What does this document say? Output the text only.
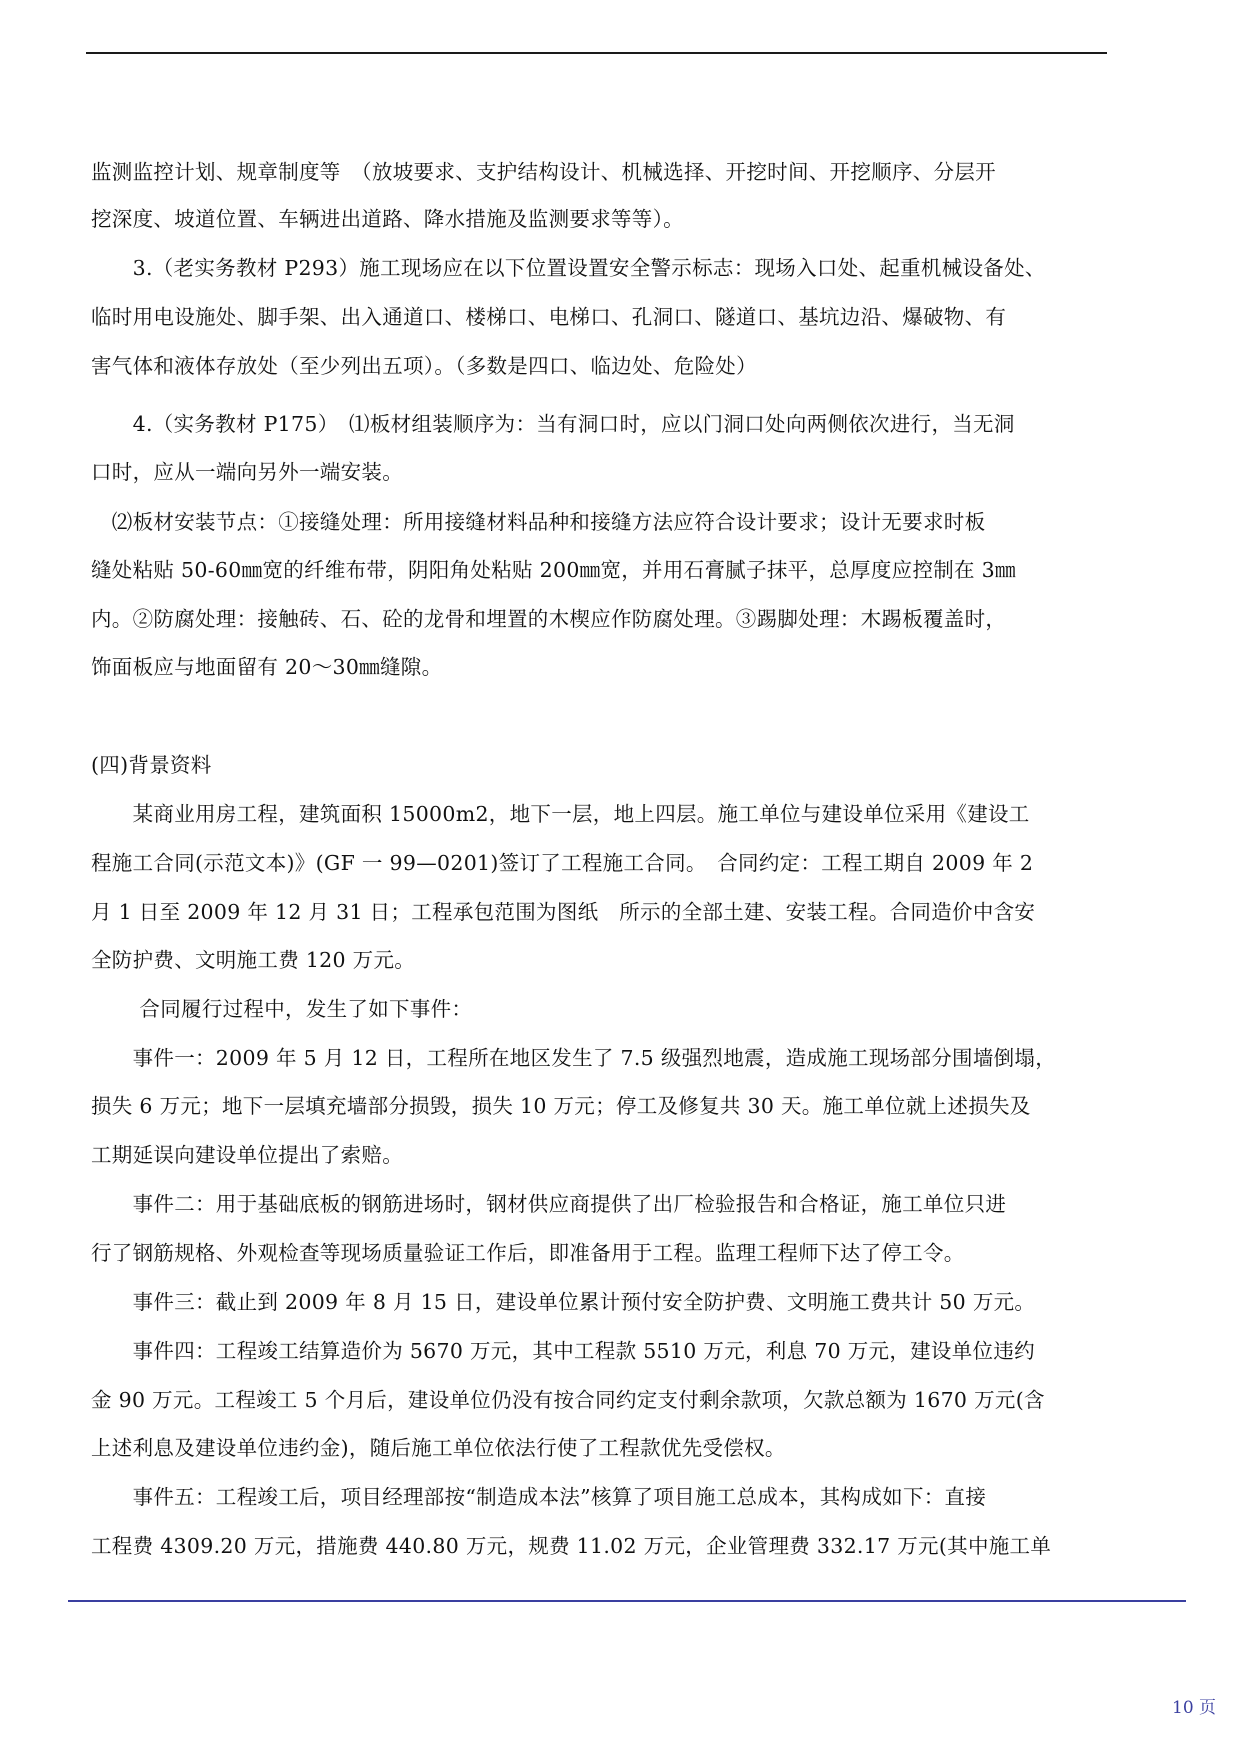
监测监控计划、规章制度等　（放坡要求、支护结构设计、机械选择、开挖时间、开挖顺序、分层开
挖深度、坡道位置、车辆进出道路、降水措施及监测要求等等）。
　　3.（老实务教材 P293）施工现场应在以下位置设置安全警示标志：现场入口处、起重机械设备处、
临时用电设施处、脚手架、出入通道口、楼梯口、电梯口、孔洞口、隧道口、基坑边沿、爆破物、有
害气体和液体存放处（至少列出五项）。（多数是四口、临边处、危险处）
　　4.（实务教材 P175）　⑴板材组装顺序为：当有洞口时，应以门洞口处向两侧依次进行，当无洞
口时，应从一端向另外一端安装。
　⑵板材安装节点：①接缝处理：所用接缝材料品种和接缝方法应符合设计要求；设计无要求时板
缝处粘贴 50-60㎜宽的纤维布带，阴阳角处粘贴 200㎜宽，并用石膏腻子抹平，总厚度应控制在 3㎜
内。②防腐处理：接触砖、石、砼的龙骨和埋置的木楔应作防腐处理。③踢脚处理：木踢板覆盖时，
饰面板应与地面留有 20～30㎜缝隙。
(四)背景资料
　　某商业用房工程，建筑面积 15000m2，地下一层，地上四层。施工单位与建设单位采用《建设工
程施工合同(示范文本)》(GF 一 99—0201)签订了工程施工合同。　合同约定：工程工期自 2009 年 2
月 1 日至 2009 年 12 月 31 日；工程承包范围为图纸　所示的全部土建、安装工程。合同造价中含安
全防护费、文明施工费 120 万元。
　　 合同履行过程中，发生了如下事件：
　　事件一：2009 年 5 月 12 日，工程所在地区发生了 7.5 级强烈地震，造成施工现场部分围墙倒塌，
损失 6 万元；地下一层填充墙部分损毁，损失 10 万元；停工及修复共 30 天。施工单位就上述损失及
工期延误向建设单位提出了索赔。
　　事件二：用于基础底板的钢筋进场时，钢材供应商提供了出厂检验报告和合格证，施工单位只进
行了钢筋规格、外观检查等现场质量验证工作后，即准备用于工程。监理工程师下达了停工令。
　　事件三：截止到 2009 年 8 月 15 日，建设单位累计预付安全防护费、文明施工费共计 50 万元。
　　事件四：工程竣工结算造价为 5670 万元，其中工程款 5510 万元，利息 70 万元，建设单位违约
金 90 万元。工程竣工 5 个月后，建设单位仍没有按合同约定支付剩余款项，欠款总额为 1670 万元(含
上述利息及建设单位违约金)，随后施工单位依法行使了工程款优先受偿权。
　　事件五：工程竣工后，项目经理部按“制造成本法”核算了项目施工总成本，其构成如下：直接
工程费 4309.20 万元，措施费 440.80 万元，规费 11.02 万元，企业管理费 332.17 万元(其中施工单
10 页
